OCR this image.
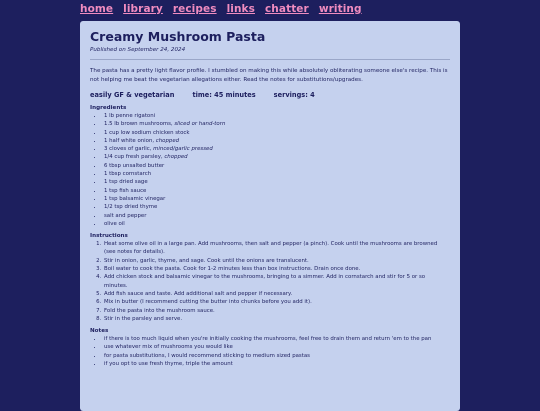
home library recipes links chatter writing
Creamy Mushroom Pasta
Published on September 24, 2024

The pasta has a pretty light flavor profile. I stumbled on making this while absolutely obliterating someone else's recipe. This is not helping me beat the vegetarian allegations either. Read the notes for substitutions/upgrades.

easily GF & vegetarian	time: 45 minutes	servings: 4
Ingredients
• 1 lb penne rigatoni
• 1.5 lb brown mushrooms, sliced or hand-torn
• 1 cup low sodium chicken stock
• 1 half white onion, chopped
• 3 cloves of garlic, minced/garlic pressed
• 1/4 cup fresh parsley, chopped
• 6 tbsp unsalted butter
• 1 tbsp cornstarch
• 1 tsp dried sage
• 1 tsp fish sauce
• 1 tsp balsamic vinegar
• 1/2 tsp dried thyme
• salt and pepper
• olive oil
Instructions
1. Heat some olive oil in a large pan. Add mushrooms, then salt and pepper (a pinch). Cook until the mushrooms are browned (see notes for details).
2. Stir in onion, garlic, thyme, and sage. Cook until the onions are translucent.
3. Boil water to cook the pasta. Cook for 1-2 minutes less than box instructions. Drain once done.
4. Add chicken stock and balsamic vinegar to the mushrooms, bringing to a simmer. Add in cornstarch and stir for 5 or so minutes.
5. Add fish sauce and taste. Add additional salt and pepper if necessary.
6. Mix in butter (I recommend cutting the butter into chunks before you add it).
7. Fold the pasta into the mushroom sauce.
8. Stir in the parsley and serve.
Notes
• if there is too much liquid when you're initially cooking the mushrooms, feel free to drain them and return 'em to the pan
• use whatever mix of mushrooms you would like
• for pasta substitutions, I would recommend sticking to medium sized pastas
• if you opt to use fresh thyme, triple the amount
